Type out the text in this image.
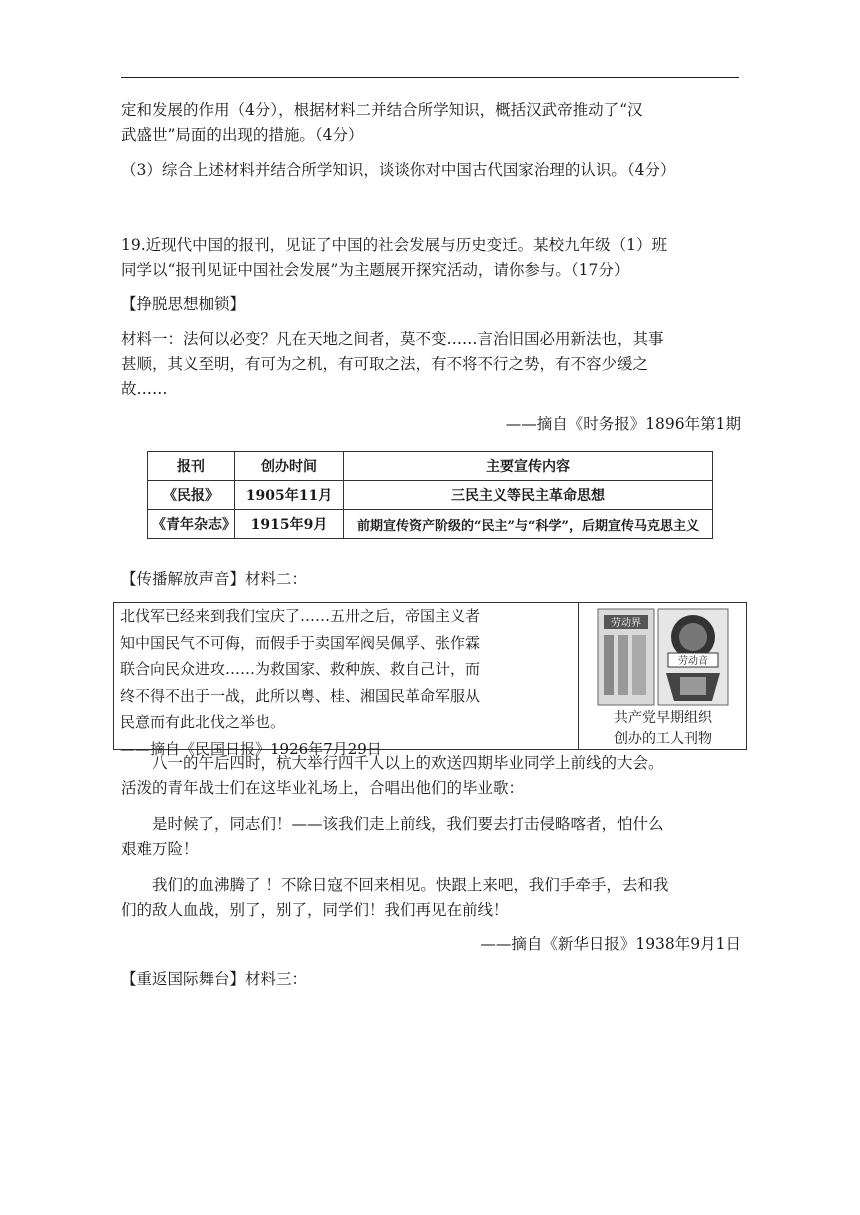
定和发展的作用（4分），根据材料二并结合所学知识，概括汉武帝推动了“汉

武盛世”局面的出现的措施。（4分）

（3）综合上述材料并结合所学知识，谈谈你对中国古代国家治理的认识。（4分）

19.近现代中国的报刊，见证了中国的社会发展与历史变迁。某校九年级（1）班

同学以“报刊见证中国社会发展”为主题展开探究活动，请你参与。（17分）

【挣脱思想枷锁】

材料一：法何以必变？凡在天地之间者，莫不变……言治旧国必用新法也，其事

甚顺，其义至明，有可为之机，有可取之法，有不将不行之势，有不容少缓之

故……

——摘自《时务报》1896年第1期

报刊	创办时间	主要宣传内容
《民报》	1905年11月	三民主义等民主革命思想
《青年杂志》	1915年9月	前期宣传资产阶级的“民主”与“科学”，后期宣传马克思主义

【传播解放声音】材料二：

北伐军已经来到我们宝庆了……五卅之后，帝国主义者

知中国民气不可侮，而假手于卖国军阀吴佩孚、张作霖

联合向民众进攻……为救国家、救种族、救自己计，而

终不得不出于一战，此所以粤、桂、湘国民革命军服从

民意而有此北伐之举也。

——摘自《民国日报》1926年7月29日

劳动界
劳动音
共产党早期组织
创办的工人刊物

八一的午后四时，杭大举行四千人以上的欢送四期毕业同学上前线的大会。

活泼的青年战士们在这毕业礼场上，合唱出他们的毕业歌：

是时候了，同志们！——该我们走上前线，我们要去打击侵略喀者，怕什么

艰难万险！

我们的血沸腾了 ！不除日寇不回来相见。快跟上来吧，我们手牵手，去和我

们的敌人血战，别了，别了，同学们！我们再见在前线！

——摘自《新华日报》1938年9月1日

【重返国际舞台】材料三：
